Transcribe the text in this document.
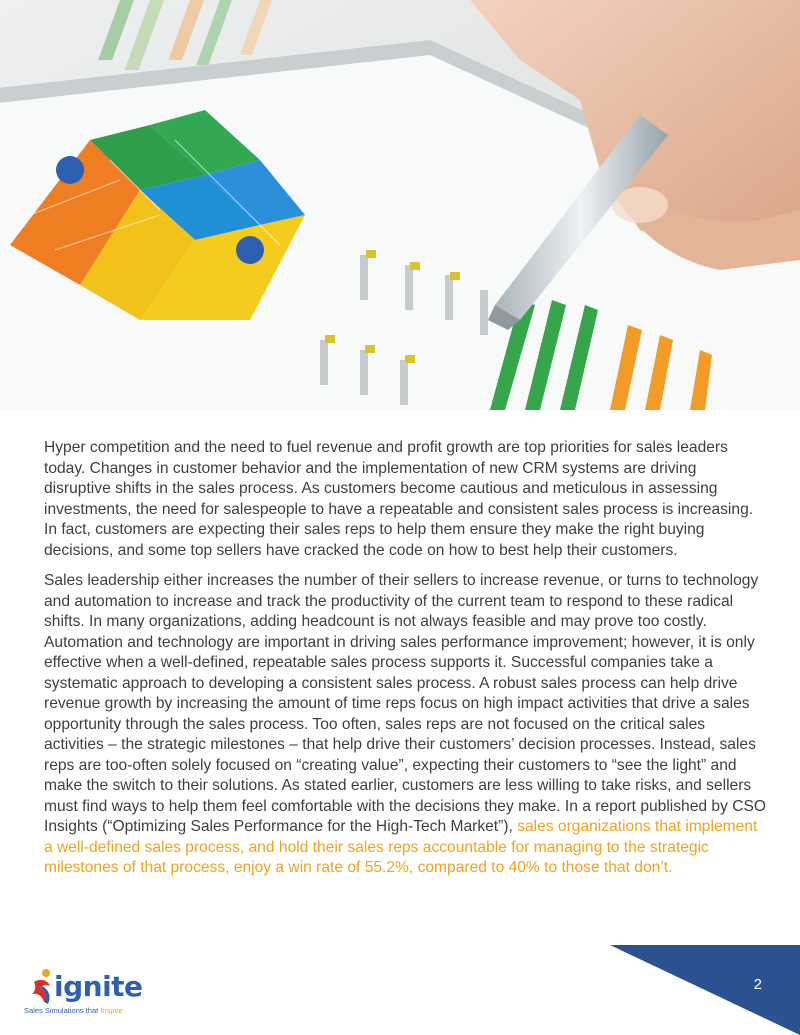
Hyper competition and the need to fuel revenue and profit growth are top priorities for sales leaders today. Changes in customer behavior and the implementation of new CRM systems are driving disruptive shifts in the sales process. As customers become cautious and meticulous in assessing investments, the need for salespeople to have a repeatable and consistent sales process is increasing. In fact, customers are expecting their sales reps to help them ensure they make the right buying decisions, and some top sellers have cracked the code on how to best help their customers.

Sales leadership either increases the number of their sellers to increase revenue, or turns to technology and automation to increase and track the productivity of the current team to respond to these radical shifts. In many organizations, adding headcount is not always feasible and may prove too costly. Automation and technology are important in driving sales performance improvement; however, it is only effective when a well-defined, repeatable sales process supports it. Successful companies take a systematic approach to developing a consistent sales process. A robust sales process can help drive revenue growth by increasing the amount of time reps focus on high impact activities that drive a sales opportunity through the sales process. Too often, sales reps are not focused on the critical sales activities – the strategic milestones – that help drive their customers’ decision processes. Instead, sales reps are too-often solely focused on “creating value”, expecting their customers to “see the light” and make the switch to their solutions. As stated earlier, customers are less willing to take risks, and sellers must find ways to help them feel comfortable with the decisions they make. In a report published by CSO Insights (“Optimizing Sales Performance for the High-Tech Market”), sales organizations that implement a well-defined sales process, and hold their sales reps accountable for managing to the strategic milestones of that process, enjoy a win rate of 55.2%, compared to 40% to those that don’t.

ignite
Sales Simulations that Inspire
2
